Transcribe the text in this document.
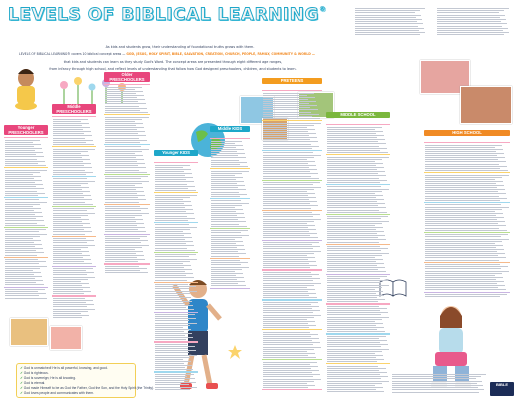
LEVELS OF BIBLICAL LEARNING®
As kids and students grow, their understanding of foundational truths grows with them.
LEVELS OF BIBLICAL LEARNING® covers 10 biblical concept areas — GOD, JESUS, HOLY SPIRIT, BIBLE, SALVATION, CREATION, CHURCH, PEOPLE, FAMILY, COMMUNITY & WORLD —
that kids and students can learn as they study God's Word. The concept areas are presented through eight different age ranges,
from infancy through high school, and reflect levels of understanding that follow how God designed preschoolers, children, and students to learn.
Younger
PRESCHOOLERS
Middle
PRESCHOOLERS
Older
PRESCHOOLERS
Younger KIDS
Middle KIDS
PRETEENS
MIDDLE SCHOOL
HIGH SCHOOL
✓God is unmatched! He is all powerful, knowing, and good.
✓God is righteous.
✓God is sovereign; He is all knowing.
✓God is eternal.
✓God made Himself to be as God the Father, God the Son, and the Holy Spirit (the Trinity).
✓God loves people and communicates with them.
BIBLE
